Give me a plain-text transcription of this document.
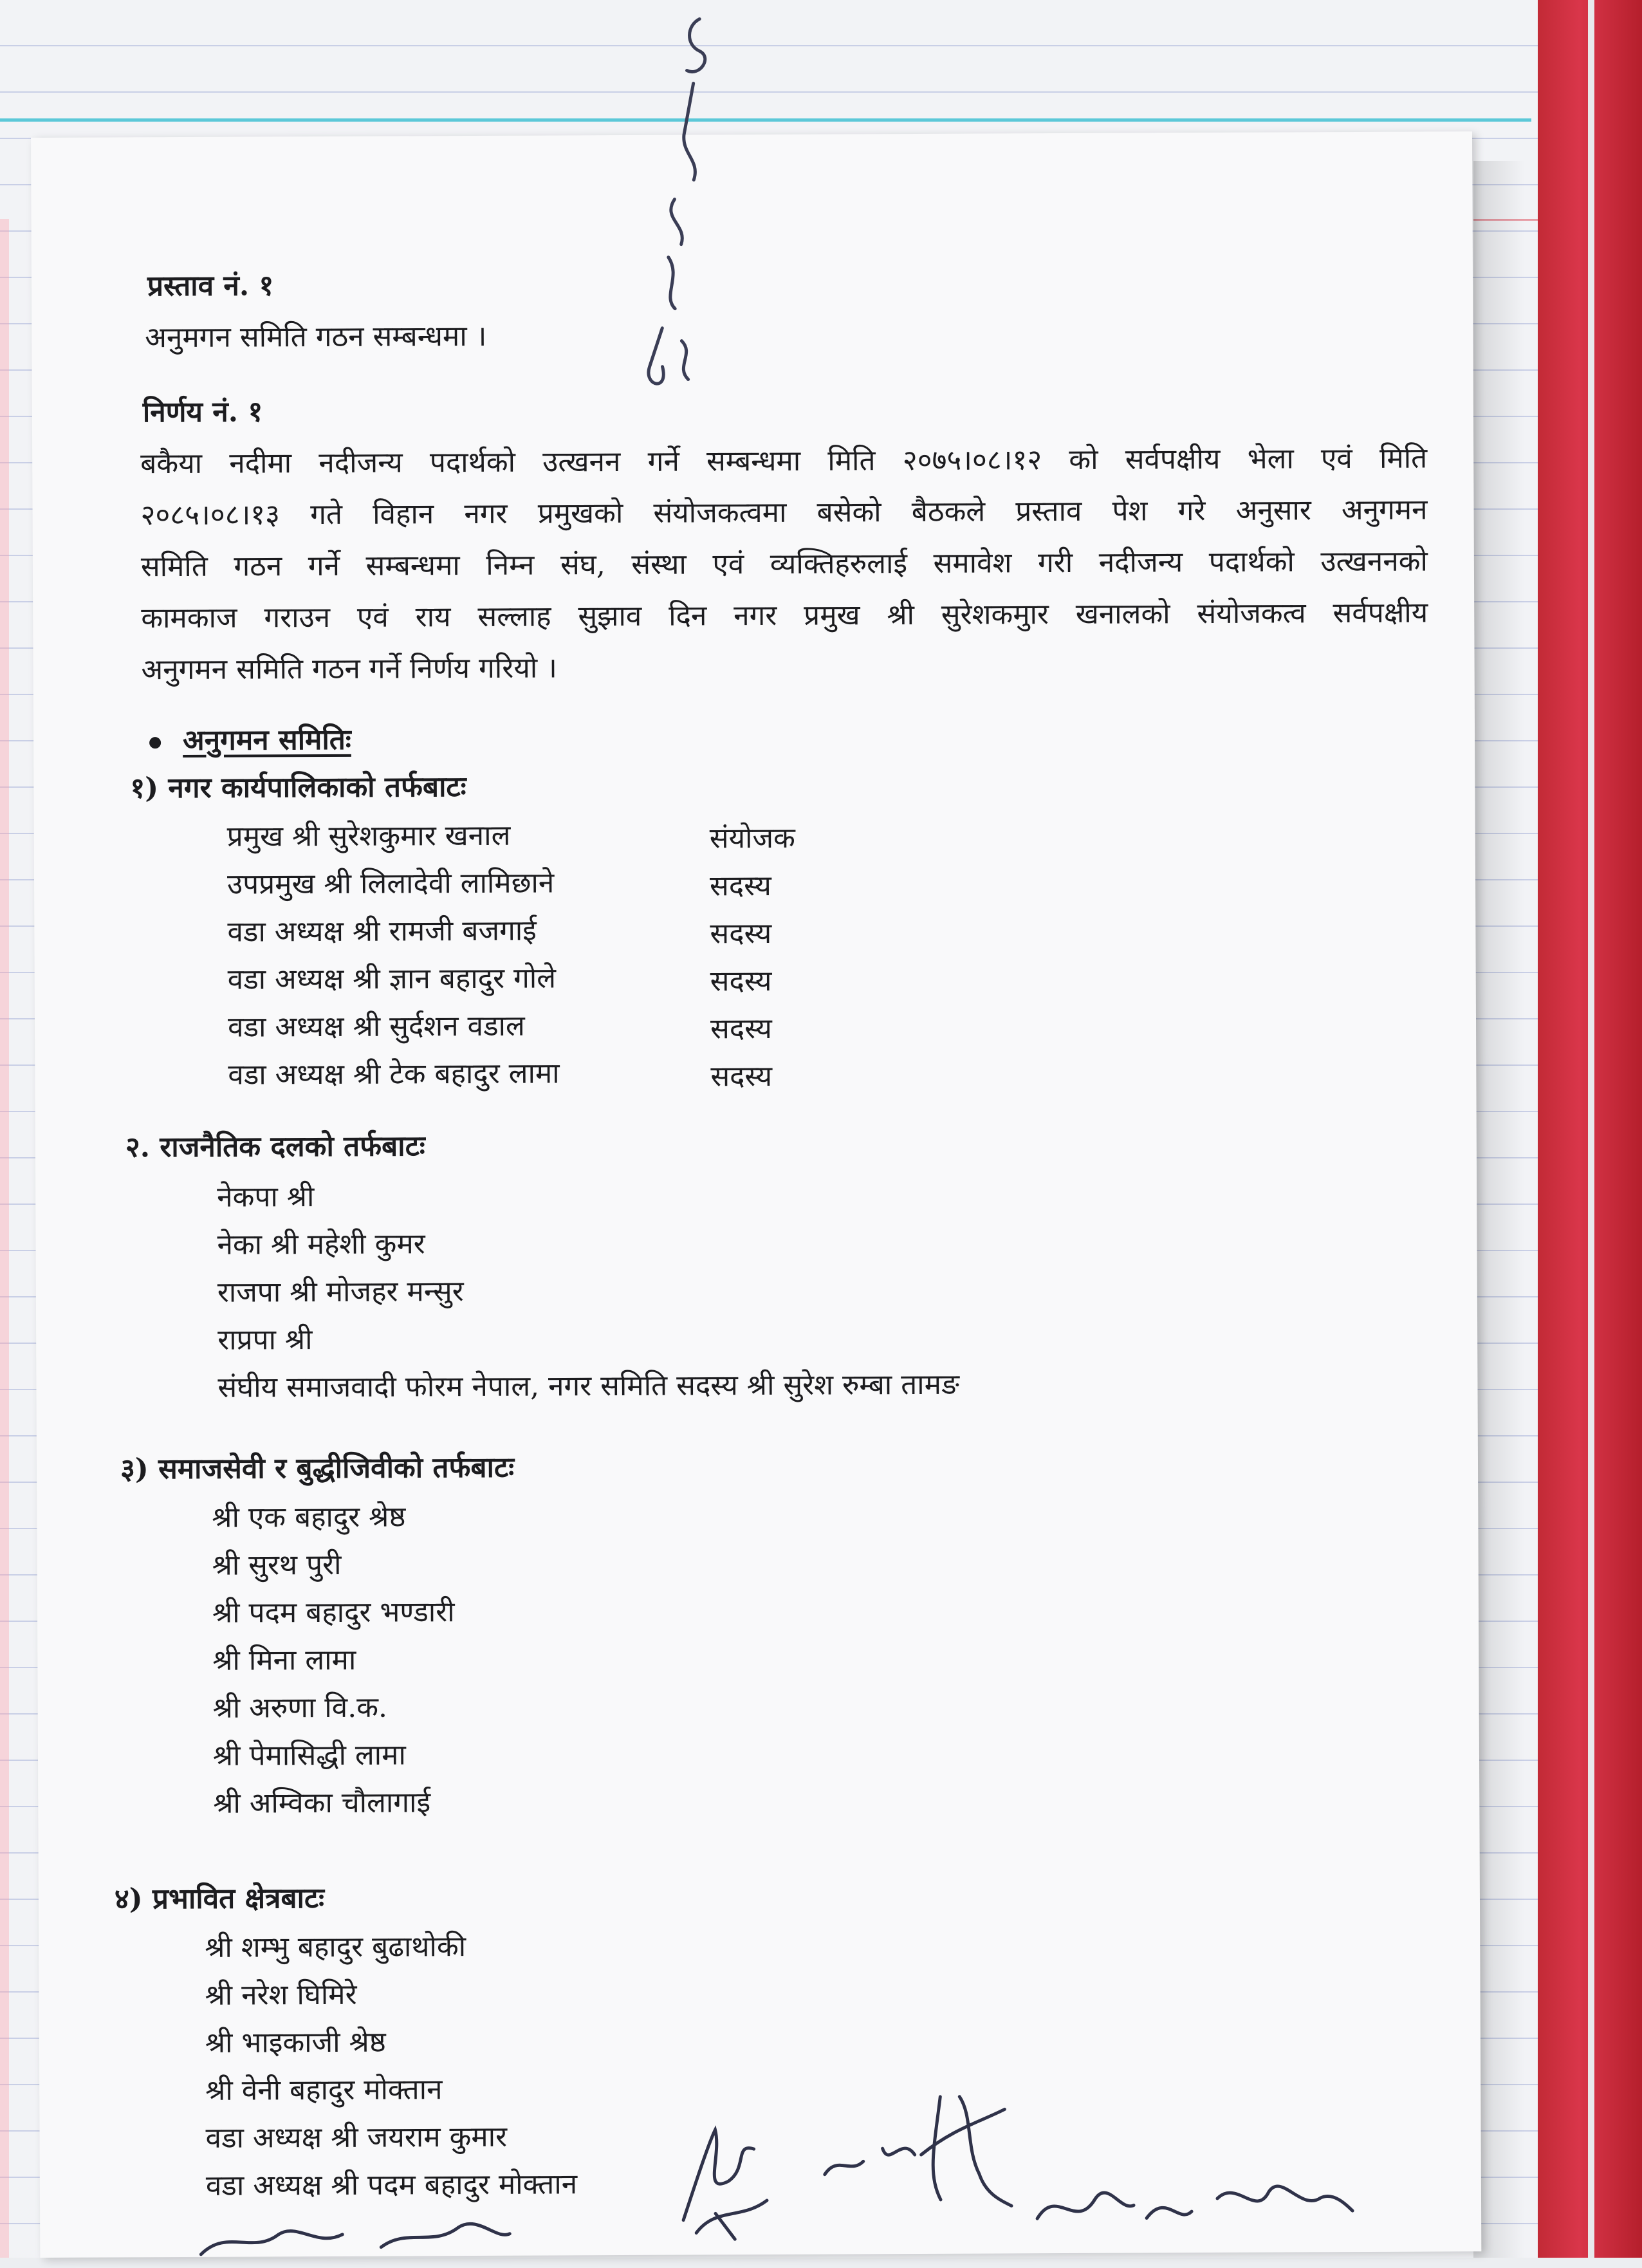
प्रस्ताव नं. १
अनुमगन समिति गठन सम्बन्धमा ।
निर्णय नं. १
बकैया नदीमा नदीजन्य पदार्थको उत्खनन गर्ने सम्बन्धमा मिति २०७५।०८।१२ को सर्वपक्षीय भेला एवं मिति
२०८५।०८।१३ गते विहान नगर प्रमुखको संयोजकत्वमा बसेको बैठकले प्रस्ताव पेश गरे अनुसार अनुगमन
समिति गठन गर्ने सम्बन्धमा निम्न संघ, संस्था एवं व्यक्तिहरुलाई समावेश गरी नदीजन्य पदार्थको उत्खननको
कामकाज गराउन एवं राय सल्लाह सुझाव दिन नगर प्रमुख श्री सुरेशकमुार खनालको संयोजकत्व सर्वपक्षीय
अनुगमन समिति गठन गर्ने निर्णय गरियो ।
अनुगमन समितिः
१) नगर कार्यपालिकाको तर्फबाटः
प्रमुख श्री सुरेशकुमार खनाल	संयोजक
उपप्रमुख श्री लिलादेवी लामिछाने	सदस्य
वडा अध्यक्ष श्री रामजी बजगाई	सदस्य
वडा अध्यक्ष श्री ज्ञान बहादुर गोले	सदस्य
वडा अध्यक्ष श्री सुर्दशन वडाल	सदस्य
वडा अध्यक्ष श्री टेक बहादुर लामा	सदस्य
२. राजनैतिक दलको तर्फबाटः
नेकपा श्री
नेका श्री महेशी कुमर
राजपा श्री मोजहर मन्सुर
राप्रपा श्री
संघीय समाजवादी फोरम नेपाल, नगर समिति सदस्य श्री सुरेश रुम्बा तामङ
३) समाजसेवी र बुद्धीजिवीको तर्फबाटः
श्री एक बहादुर श्रेष्ठ
श्री सुरथ पुरी
श्री पदम बहादुर भण्डारी
श्री मिना लामा
श्री अरुणा वि.क.
श्री पेमासिद्धी लामा
श्री अम्विका चौलागाई
४) प्रभावित क्षेत्रबाटः
श्री शम्भु बहादुर बुढाथोकी
श्री नरेश घिमिरे
श्री भाइकाजी श्रेष्ठ
श्री वेनी बहादुर मोक्तान
वडा अध्यक्ष श्री जयराम कुमार
वडा अध्यक्ष श्री पदम बहादुर मोक्तान
